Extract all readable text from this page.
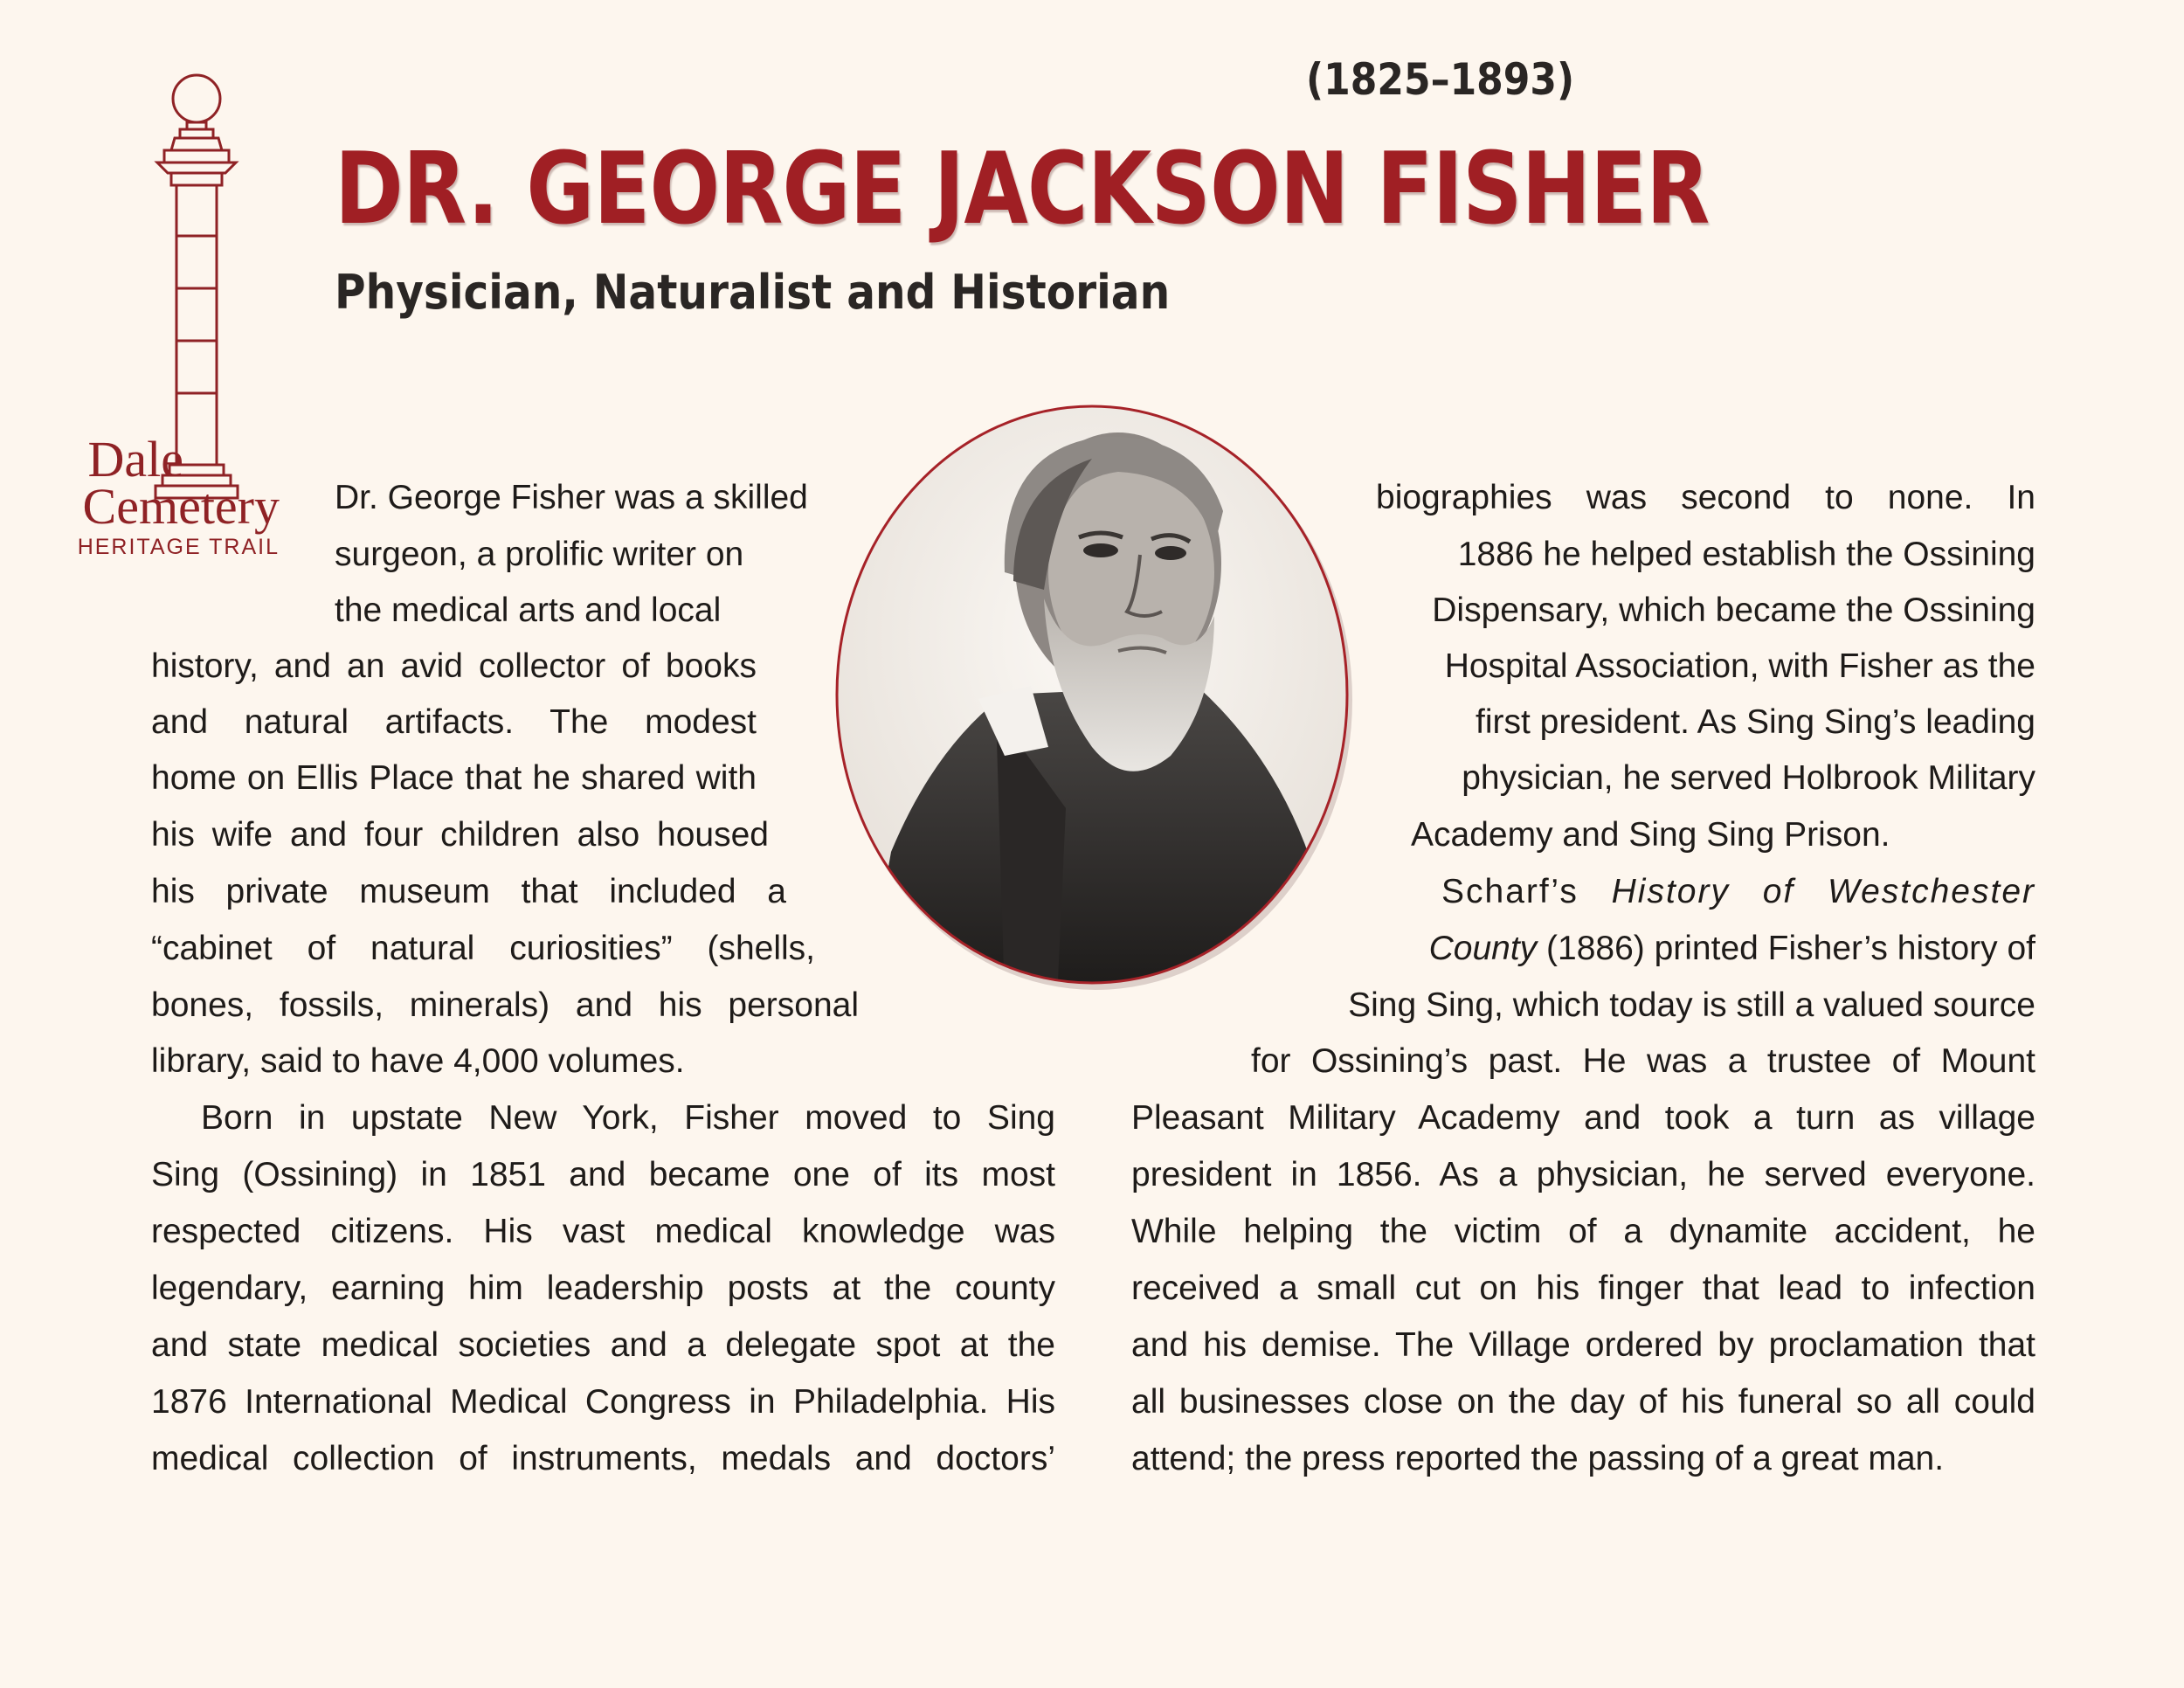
Dale
Cemetery
HERITAGE TRAIL
DR. GEORGE JACKSON FISHER
(1825–1893)
Physician, Naturalist and Historian
Dr. George Fisher was a skilled
surgeon, a prolific writer on
the medical arts and local
history, and an avid collector of books
and natural artifacts. The modest
home on Ellis Place that he shared with
his wife and four children also housed
his private museum that included a
“cabinet of natural curiosities” (shells,
bones, fossils, minerals) and his personal
library, said to have 4,000 volumes.
Born in upstate New York, Fisher moved to Sing
Sing (Ossining) in 1851 and became one of its most
respected citizens. His vast medical knowledge was
legendary, earning him leadership posts at the county
and state medical societies and a delegate spot at the
1876 International Medical Congress in Philadelphia. His
medical collection of instruments, medals and doctors’
biographies was second to none. In
1886 he helped establish the Ossining
Dispensary, which became the Ossining
Hospital Association, with Fisher as the
first president. As Sing Sing’s leading
physician, he served Holbrook Military
Academy and Sing Sing Prison.
Scharf’s History of Westchester
County (1886) printed Fisher’s history of
Sing Sing, which today is still a valued source
for Ossining’s past. He was a trustee of Mount
Pleasant Military Academy and took a turn as village
president in 1856. As a physician, he served everyone.
While helping the victim of a dynamite accident, he
received a small cut on his finger that lead to infection
and his demise. The Village ordered by proclamation that
all businesses close on the day of his funeral so all could
attend; the press reported the passing of a great man.
